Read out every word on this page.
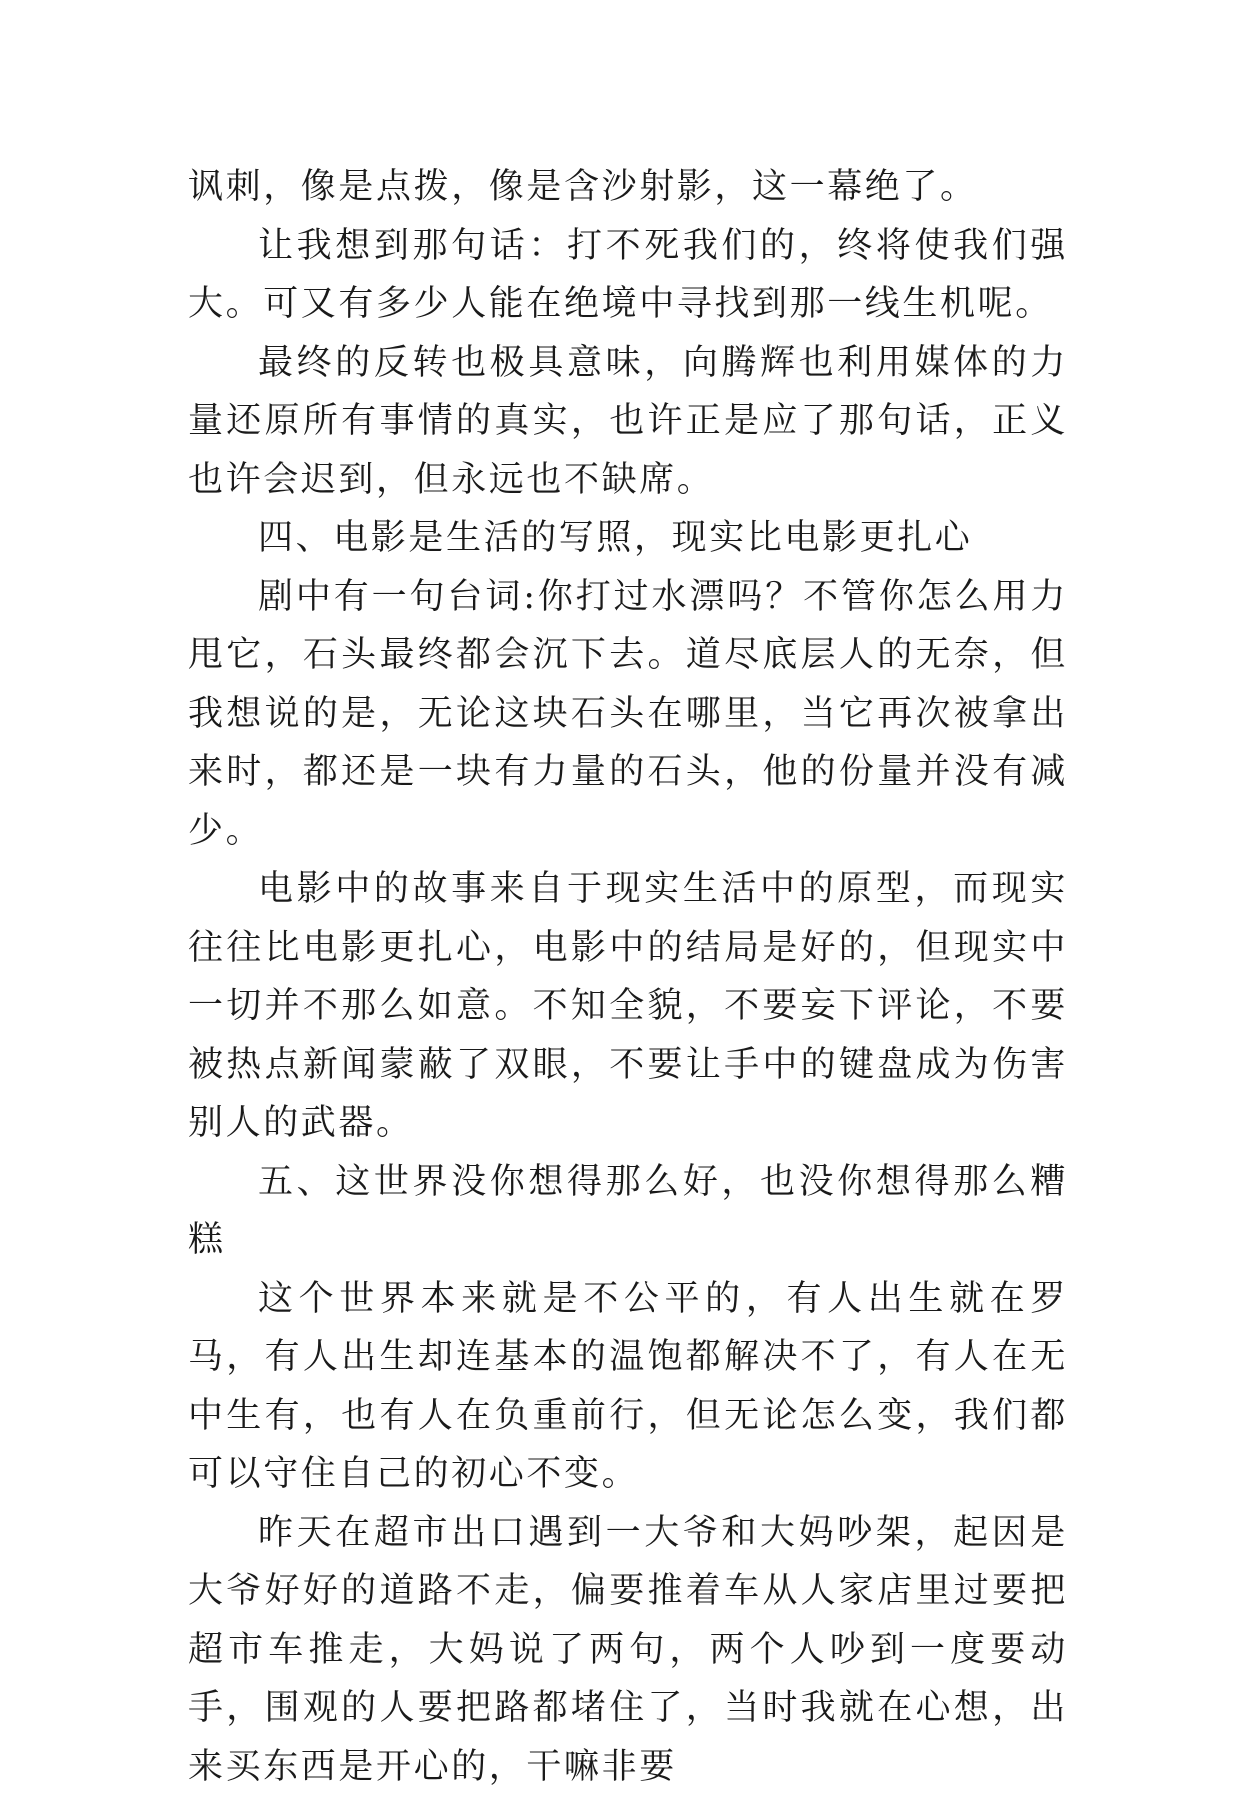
讽刺，像是点拨，像是含沙射影，这一幕绝了。

让我想到那句话：打不死我们的，终将使我们强大。可又有多少人能在绝境中寻找到那一线生机呢。

最终的反转也极具意味，向腾辉也利用媒体的力量还原所有事情的真实，也许正是应了那句话，正义也许会迟到，但永远也不缺席。

四、电影是生活的写照，现实比电影更扎心

剧中有一句台词:你打过水漂吗？不管你怎么用力甩它，石头最终都会沉下去。道尽底层人的无奈，但我想说的是，无论这块石头在哪里，当它再次被拿出来时，都还是一块有力量的石头，他的份量并没有减少。

电影中的故事来自于现实生活中的原型，而现实往往比电影更扎心，电影中的结局是好的，但现实中一切并不那么如意。不知全貌，不要妄下评论，不要被热点新闻蒙蔽了双眼，不要让手中的键盘成为伤害别人的武器。

五、这世界没你想得那么好，也没你想得那么糟糕

这个世界本来就是不公平的，有人出生就在罗马，有人出生却连基本的温饱都解决不了，有人在无中生有，也有人在负重前行，但无论怎么变，我们都可以守住自己的初心不变。

昨天在超市出口遇到一大爷和大妈吵架，起因是大爷好好的道路不走，偏要推着车从人家店里过要把超市车推走，大妈说了两句，两个人吵到一度要动手，围观的人要把路都堵住了，当时我就在心想，出来买东西是开心的，干嘛非要
